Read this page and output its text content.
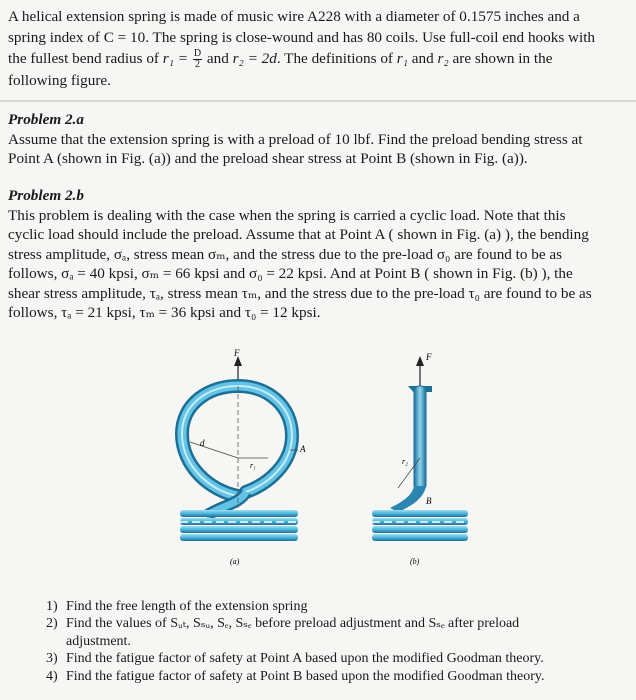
A helical extension spring is made of music wire A228 with a diameter of 0.1575 inches and a
spring index of C = 10. The spring is close-wound and has 80 coils. Use full-coil end hooks with
the fullest bend radius of $r_1 = \frac{D}{2}$ and r₂ = 2d. The definitions of r₁ and r₂ are shown in the
following figure.
Problem 2.a
Assume that the extension spring is with a preload of 10 lbf. Find the preload bending stress at
Point A (shown in Fig. (a)) and the preload shear stress at Point B (shown in Fig. (a)).
Problem 2.b
This problem is dealing with the case when the spring is carried a cyclic load. Note that this
cyclic load should include the preload. Assume that at Point A ( shown in Fig. (a) ), the bending
stress amplitude, σₐ, stress mean σₘ, and the stress due to the pre-load σ₀ are found to be as
follows, σₐ = 40 kpsi, σₘ = 66 kpsi and σ₀ = 22 kpsi. And at Point B ( shown in Fig. (b) ), the
shear stress amplitude, τₐ, stress mean τₘ, and the stress due to the pre-load τ₀ are found to be as
follows, τₐ = 21 kpsi, τₘ = 36 kpsi and τ₀ = 12 kpsi.
F
d
r₁
A
(a)
F
r₂
B
(b)
1) Find the free length of the extension spring
2) Find the values of Sᵤₜ, Sₛᵤ, Sₑ, Sₛₑ before preload adjustment and Sₛₑ after preload
adjustment.
3) Find the fatigue factor of safety at Point A based upon the modified Goodman theory.
4) Find the fatigue factor of safety at Point B based upon the modified Goodman theory.
